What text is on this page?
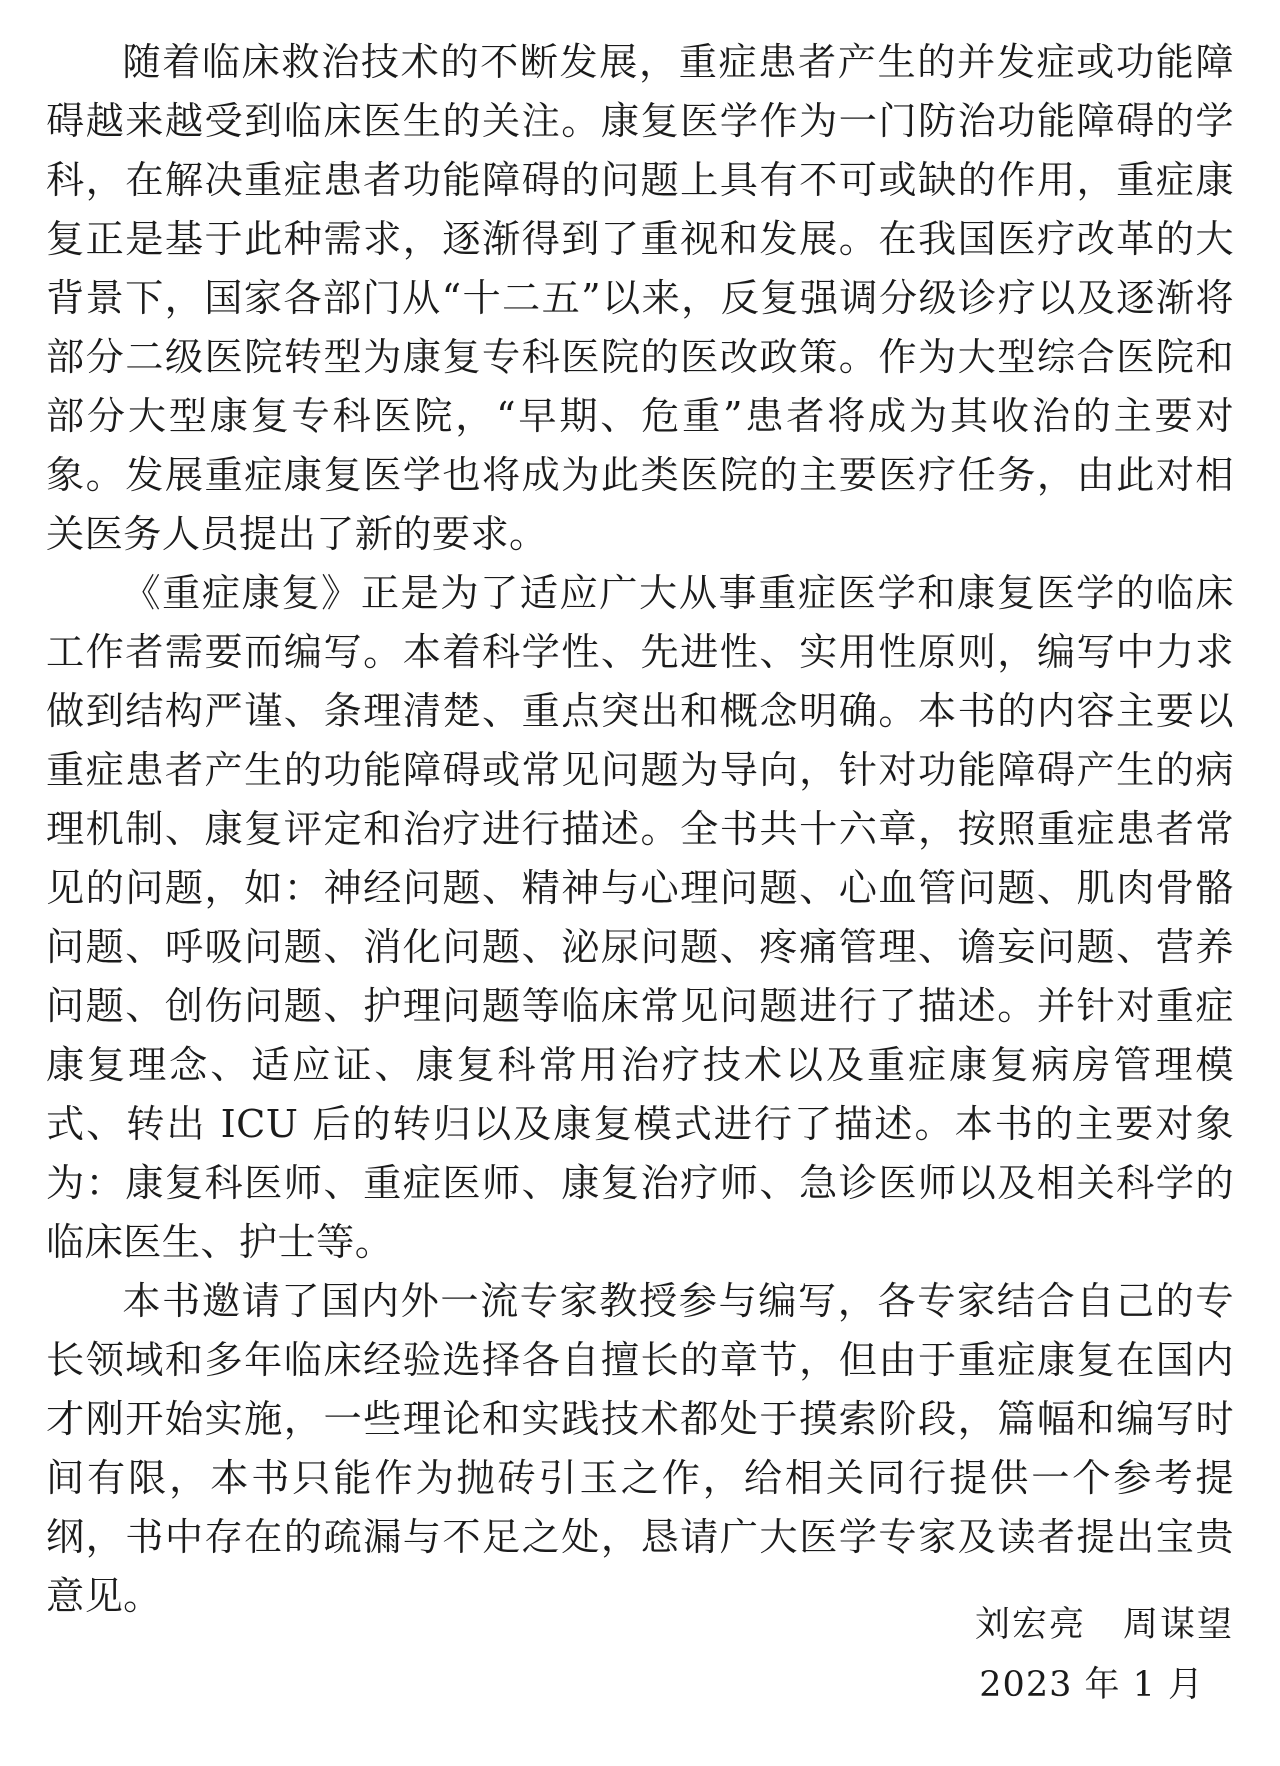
随着临床救治技术的不断发展，重症患者产生的并发症或功能障碍越来越受到临床医生的关注。康复医学作为一门防治功能障碍的学科，在解决重症患者功能障碍的问题上具有不可或缺的作用，重症康复正是基于此种需求，逐渐得到了重视和发展。在我国医疗改革的大背景下，国家各部门从“十二五”以来，反复强调分级诊疗以及逐渐将部分二级医院转型为康复专科医院的医改政策。作为大型综合医院和部分大型康复专科医院，“早期、危重”患者将成为其收治的主要对象。发展重症康复医学也将成为此类医院的主要医疗任务，由此对相关医务人员提出了新的要求。

《重症康复》正是为了适应广大从事重症医学和康复医学的临床工作者需要而编写。本着科学性、先进性、实用性原则，编写中力求做到结构严谨、条理清楚、重点突出和概念明确。本书的内容主要以重症患者产生的功能障碍或常见问题为导向，针对功能障碍产生的病理机制、康复评定和治疗进行描述。全书共十六章，按照重症患者常见的问题，如：神经问题、精神与心理问题、心血管问题、肌肉骨骼问题、呼吸问题、消化问题、泌尿问题、疼痛管理、谵妄问题、营养问题、创伤问题、护理问题等临床常见问题进行了描述。并针对重症康复理念、适应证、康复科常用治疗技术以及重症康复病房管理模式、转出 ICU 后的转归以及康复模式进行了描述。本书的主要对象为：康复科医师、重症医师、康复治疗师、急诊医师以及相关科学的临床医生、护士等。

本书邀请了国内外一流专家教授参与编写，各专家结合自己的专长领域和多年临床经验选择各自擅长的章节，但由于重症康复在国内才刚开始实施，一些理论和实践技术都处于摸索阶段，篇幅和编写时间有限，本书只能作为抛砖引玉之作，给相关同行提供一个参考提纲，书中存在的疏漏与不足之处，恳请广大医学专家及读者提出宝贵意见。

刘宏亮　周谋望
2023 年 1 月
